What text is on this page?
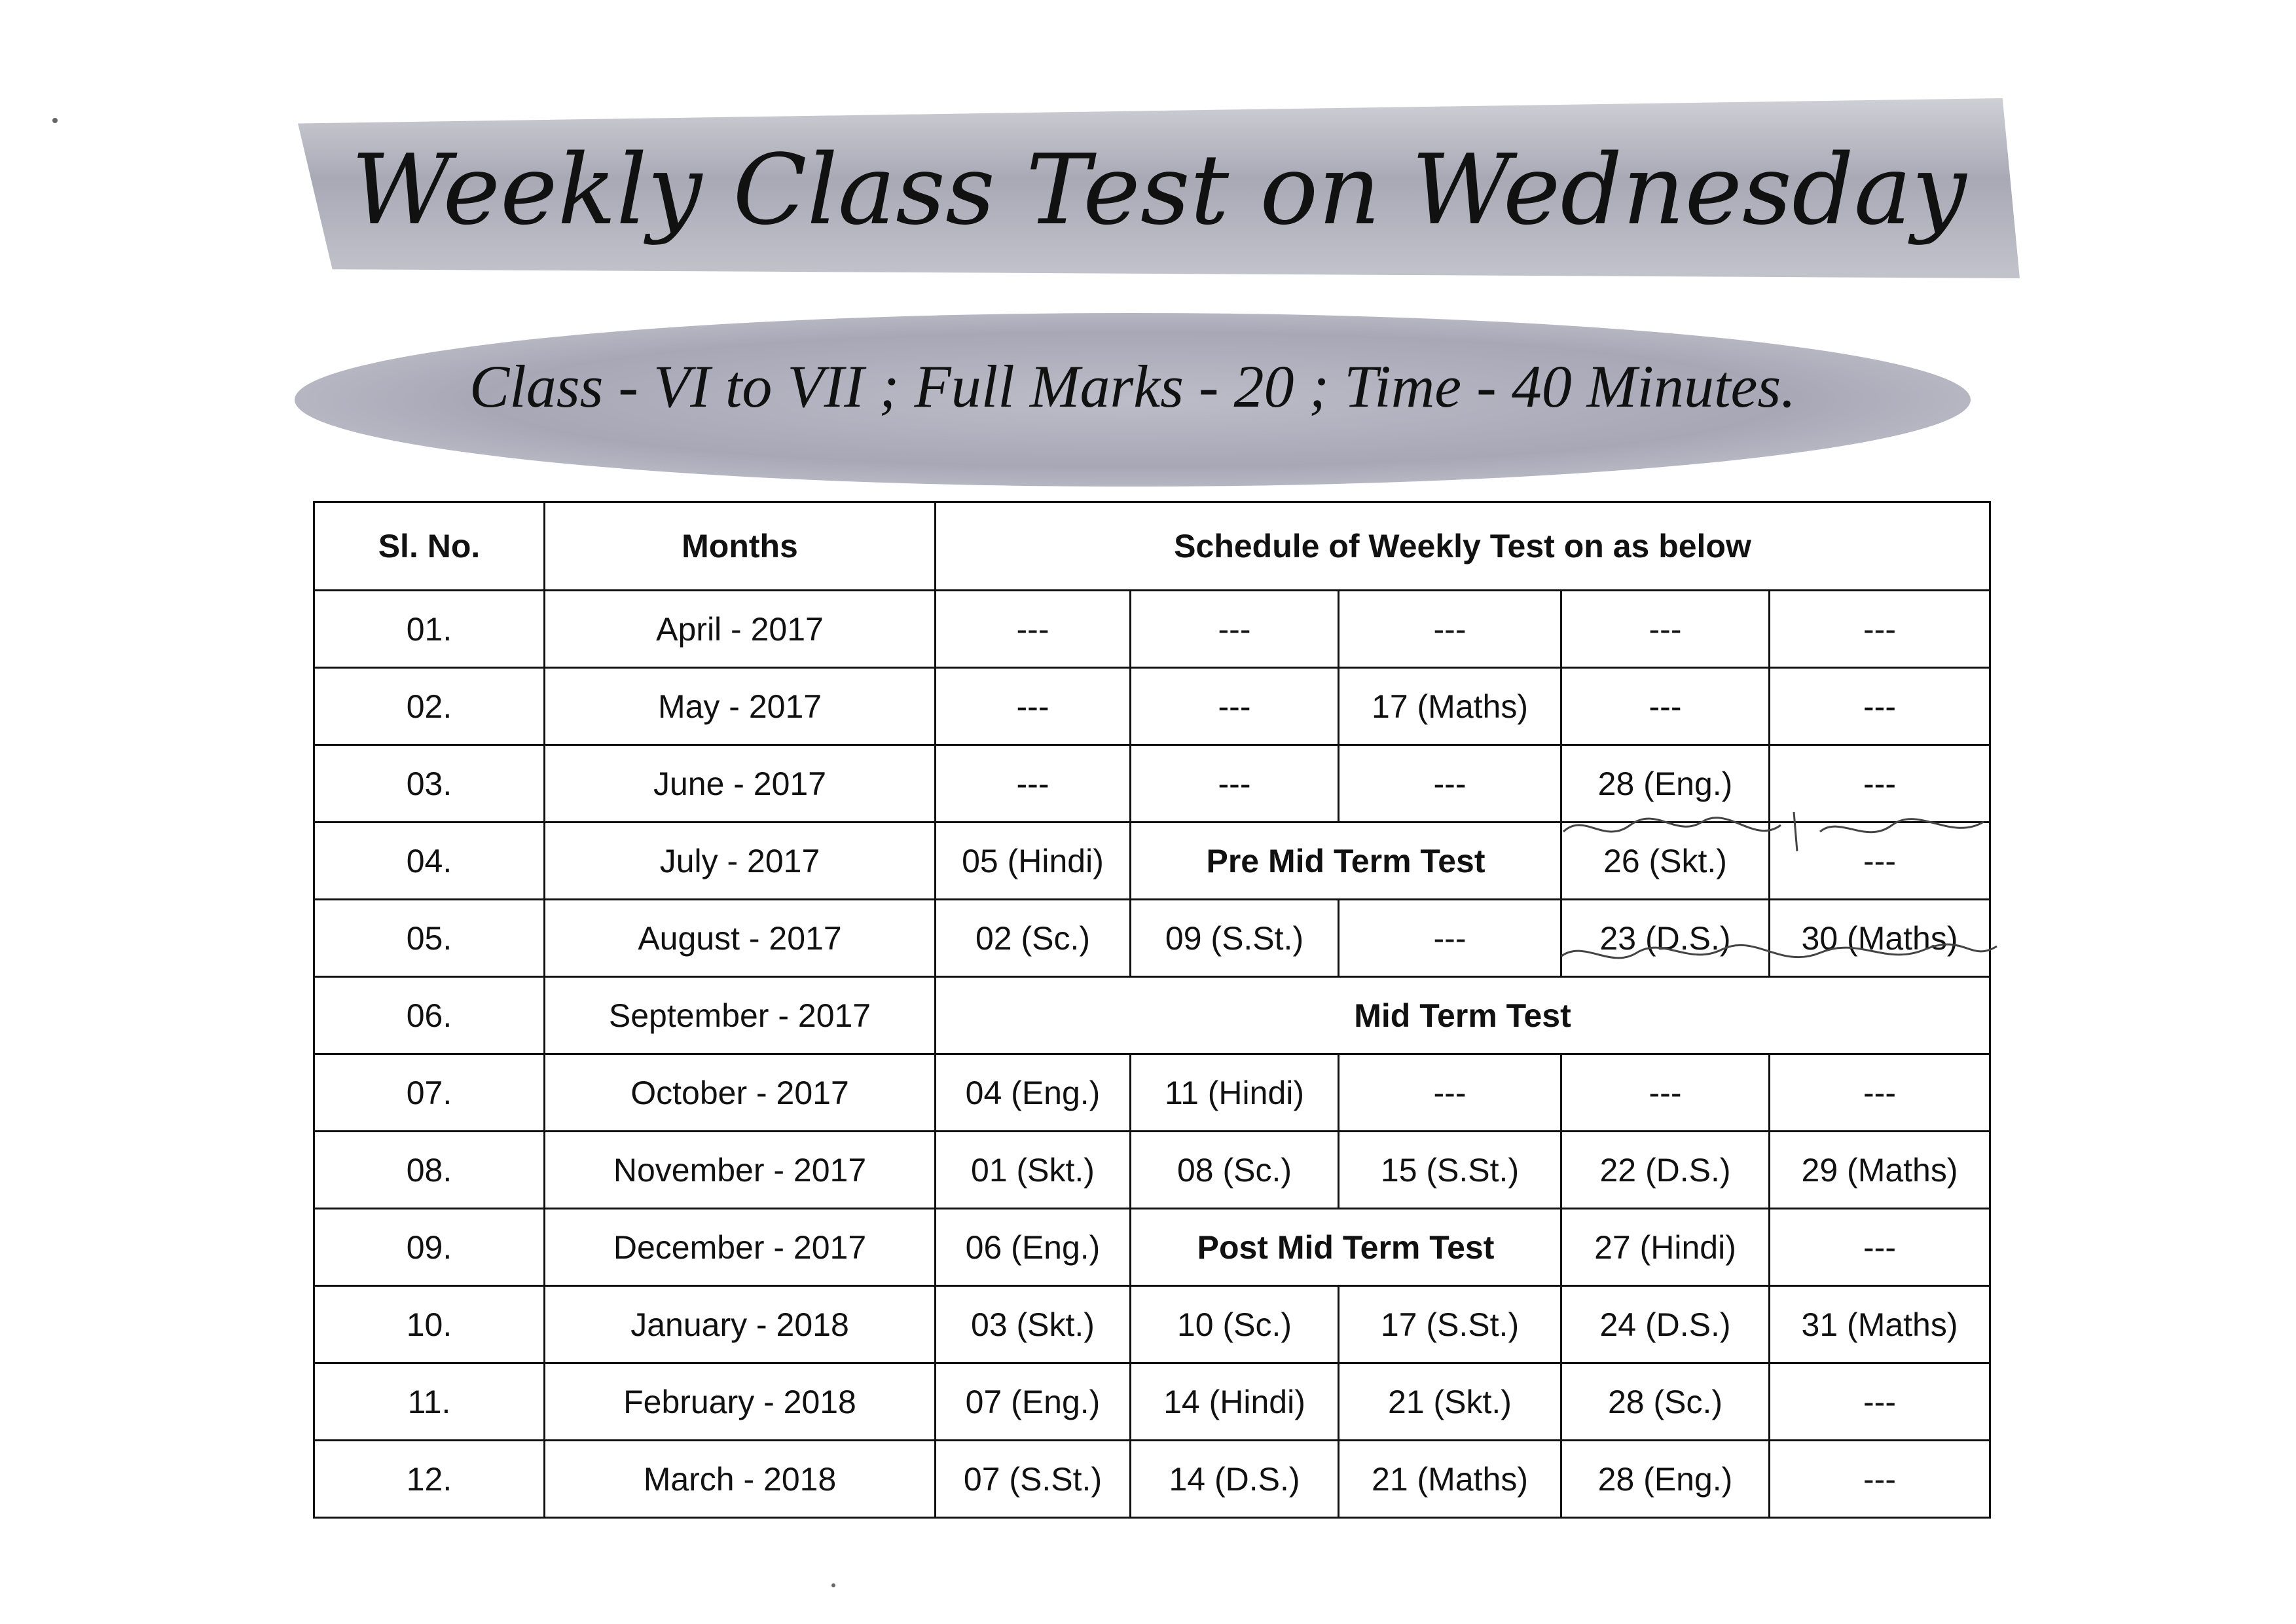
Weekly Class Test on Wednesday
Class - VI to VII ; Full Marks - 20 ; Time - 40 Minutes.
Sl. No.	Months	Schedule of Weekly Test on as below				
01.	April - 2017	---	---	---	---	---
02.	May - 2017	---	---	17 (Maths)	---	---
03.	June - 2017	---	---	---	28 (Eng.)	---
04.	July - 2017	05 (Hindi)	Pre Mid Term Test		26 (Skt.)	---
05.	August - 2017	02 (Sc.)	09 (S.St.)	---	23 (D.S.)	30 (Maths)
06.	September - 2017	Mid Term Test				
07.	October - 2017	04 (Eng.)	11 (Hindi)	---	---	---
08.	November - 2017	01 (Skt.)	08 (Sc.)	15 (S.St.)	22 (D.S.)	29 (Maths)
09.	December - 2017	06 (Eng.)	Post Mid Term Test		27 (Hindi)	---
10.	January - 2018	03 (Skt.)	10 (Sc.)	17 (S.St.)	24 (D.S.)	31 (Maths)
11.	February - 2018	07 (Eng.)	14 (Hindi)	21 (Skt.)	28 (Sc.)	---
12.	March - 2018	07 (S.St.)	14 (D.S.)	21 (Maths)	28 (Eng.)	---
